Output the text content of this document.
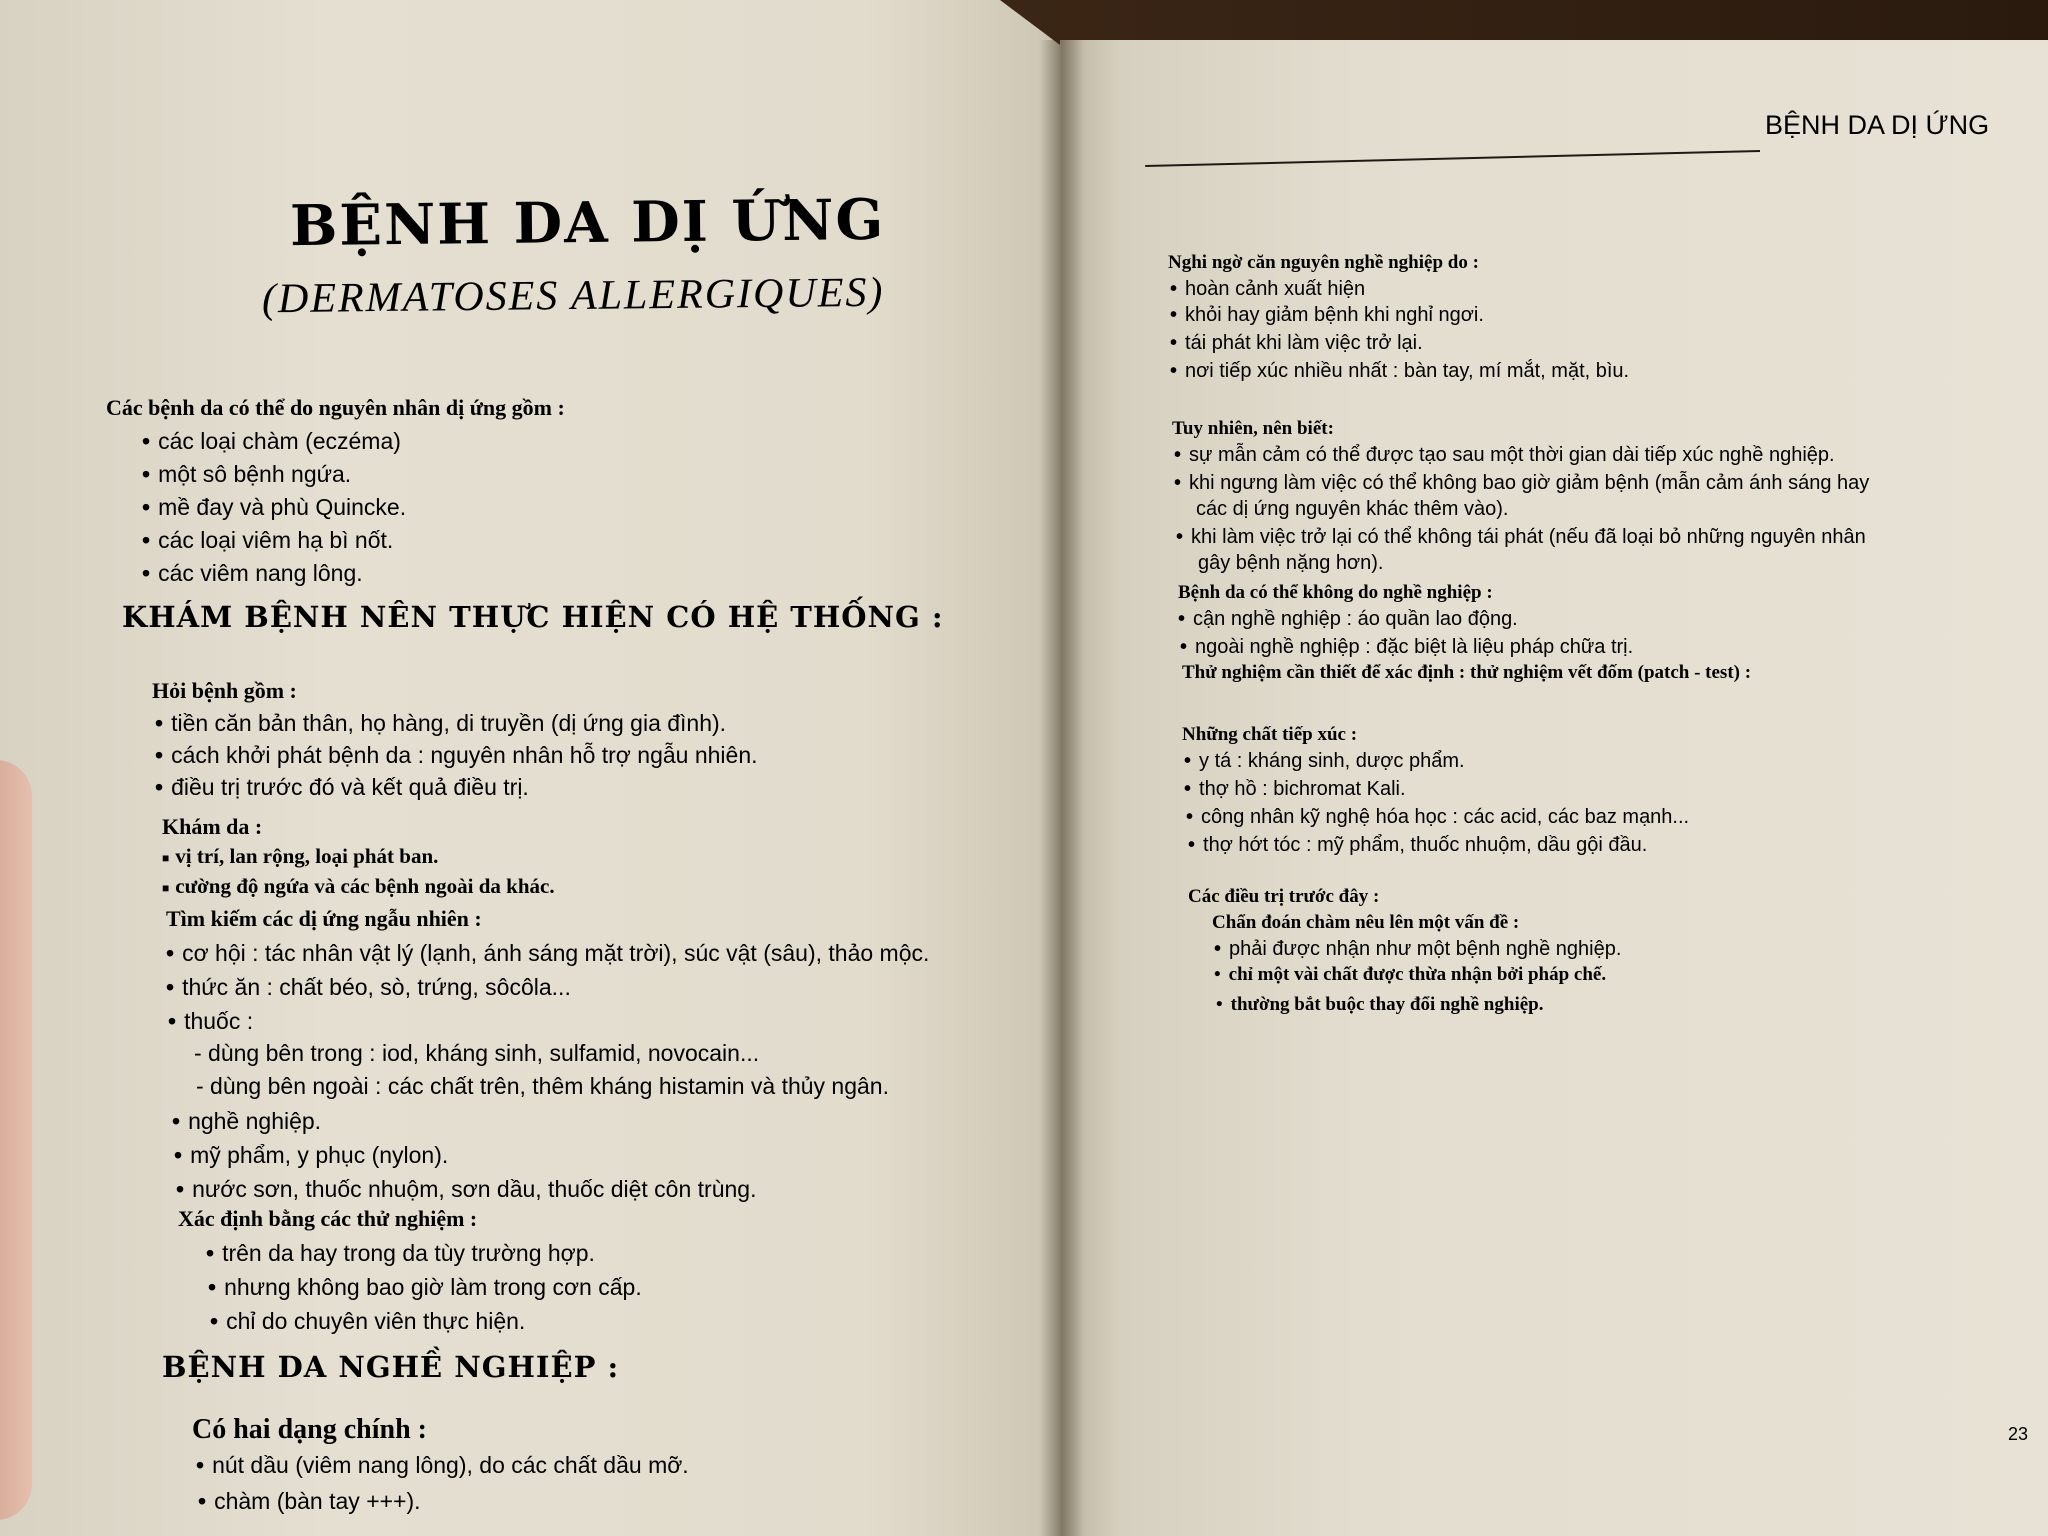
BỆNH DA DỊ ỨNG
(DERMATOSES ALLERGIQUES)
Các bệnh da có thể do nguyên nhân dị ứng gồm :
• các loại chàm (eczéma)
• một sô bệnh ngứa.
• mề đay và phù Quincke.
• các loại viêm hạ bì nốt.
• các viêm nang lông.
KHÁM BỆNH NÊN THỰC HIỆN CÓ HỆ THỐNG :
Hỏi bệnh gồm :
• tiền căn bản thân, họ hàng, di truyền (dị ứng gia đình).
• cách khởi phát bệnh da : nguyên nhân hỗ trợ ngẫu nhiên.
• điều trị trước đó và kết quả điều trị.
Khám da :
■ vị trí, lan rộng, loại phát ban.
■ cường độ ngứa và các bệnh ngoài da khác.
Tìm kiếm các dị ứng ngẫu nhiên :
• cơ hội : tác nhân vật lý (lạnh, ánh sáng mặt trời), súc vật (sâu), thảo mộc.
• thức ăn : chất béo, sò, trứng, sôcôla...
• thuốc :
- dùng bên trong : iod, kháng sinh, sulfamid, novocain...
- dùng bên ngoài : các chất trên, thêm kháng histamin và thủy ngân.
• nghề nghiệp.
• mỹ phẩm, y phục (nylon).
• nước sơn, thuốc nhuộm, sơn dầu, thuốc diệt côn trùng.
Xác định bằng các thử nghiệm :
• trên da hay trong da tùy trường hợp.
• nhưng không bao giờ làm trong cơn cấp.
• chỉ do chuyên viên thực hiện.
BỆNH DA NGHỀ NGHIỆP :
Có hai dạng chính :
• nút dầu (viêm nang lông), do các chất dầu mỡ.
• chàm (bàn tay +++).
BỆNH DA DỊ ỨNG
Nghi ngờ căn nguyên nghề nghiệp do :
• hoàn cảnh xuất hiện
• khỏi hay giảm bệnh khi nghỉ ngơi.
• tái phát khi làm việc trở lại.
• nơi tiếp xúc nhiều nhất : bàn tay, mí mắt, mặt, bìu.
Tuy nhiên, nên biết:
• sự mẫn cảm có thể được tạo sau một thời gian dài tiếp xúc nghề nghiệp.
• khi ngưng làm việc có thể không bao giờ giảm bệnh (mẫn cảm ánh sáng hay
các dị ứng nguyên khác thêm vào).
• khi làm việc trở lại có thể không tái phát (nếu đã loại bỏ những nguyên nhân
gây bệnh nặng hơn).
Bệnh da có thể không do nghề nghiệp :
• cận nghề nghiệp : áo quần lao động.
• ngoài nghề nghiệp : đặc biệt là liệu pháp chữa trị.
Thử nghiệm cần thiết để xác định : thử nghiệm vết đốm (patch - test) :
Những chất tiếp xúc :
• y tá : kháng sinh, dược phẩm.
• thợ hồ : bichromat Kali.
• công nhân kỹ nghệ hóa học : các acid, các baz mạnh...
• thợ hớt tóc : mỹ phẩm, thuốc nhuộm, dầu gội đầu.
Các điều trị trước đây :
Chẩn đoán chàm nêu lên một vấn đề :
• phải được nhận như một bệnh nghề nghiệp.
• chỉ một vài chất được thừa nhận bởi pháp chế.
• thường bắt buộc thay đổi nghề nghiệp.
23
